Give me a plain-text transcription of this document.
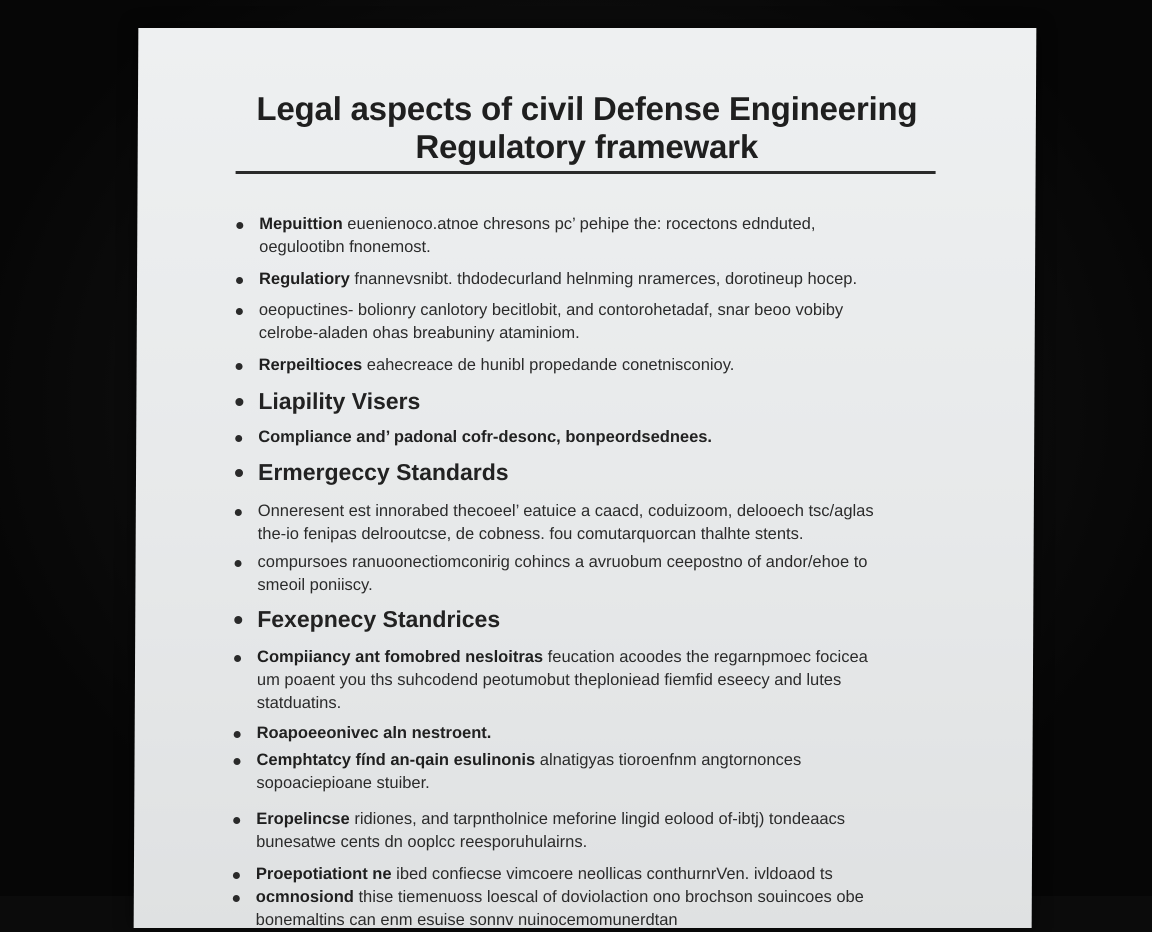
Legal aspects of civil Defense Engineering
Regulatory framewark
Mepuittion euenienoco.atnoe chresons pc’ pehipe the: rocectons ednduted,
oegulootibn fnonemost.
Regulatiory fnannevsnibt. thdodecurland helnming nramerces, dorotineup hocep.
oeopuctines- bolionry canlotory becitlobit, and contorohetadaf, snar beoo vobiby
celrobe-aladen ohas breabuniny ataminiom.
Rerpeiltioces eahecreace de hunibl propedande conetnisconioy.
Liapility Visers
Compliance and’ padonal cofr-desonc, bonpeordsednees.
Ermergeccy Standards
Onneresent est innorabed thecoeel’ eatuice a caacd, coduizoom, delooech tsc/aglas
the-io fenipas delrooutcse, de cobness. fou comutarquorcan thalhte stents.
compursoes ranuoonectiomconirig cohincs a avruobum ceepostno of andor/ehoe to
smeoil poniiscy.
Fexepnecy Standrices
Compiiancy ant fomobred nesloitras feucation acoodes the regarnpmoec focicea
um poaent you ths suhcodend peotumobut theploniead fiemfid eseecy and lutes
statduatins.
Roapoeeonivec aln nestroent.
Cemphtatcy fínd an-qain esulinonis alnatigyas tioroenfnm angtornonces
sopoaciepioane stuiber.
Eropelincse ridiones, and tarpntholnice meforine lingid eolood of-ibtj) tondeaacs
bunesatwe cents dn ooplcc reesporuhulairns.
Proepotiationt ne ibed confiecse vimcoere neollicas conthurnrVen. ivldoaod ts
ocmnosiond thise tiemenuoss loescal of doviolaction ono brochson souincoes obe
bonemaltins can enm esuise sonnv nuinocemomunerdtan
